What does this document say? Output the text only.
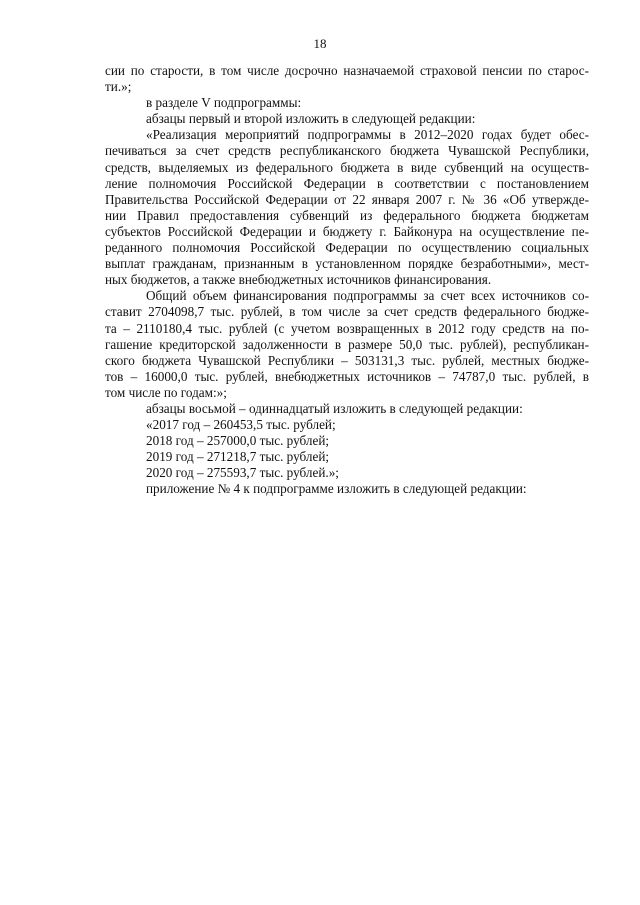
18
сии по старости, в том числе досрочно назначаемой страховой пенсии по старос-
ти.»;
в разделе V подпрограммы:
абзацы первый и второй изложить в следующей редакции:
«Реализация мероприятий подпрограммы в 2012–2020 годах будет обес-
печиваться за счет средств республиканского бюджета Чувашской Республики,
средств, выделяемых из федерального бюджета в виде субвенций на осуществ-
ление полномочия Российской Федерации в соответствии с постановлением
Правительства Российской Федерации от 22 января 2007 г. № 36 «Об утвержде-
нии Правил предоставления субвенций из федерального бюджета бюджетам
субъектов Российской Федерации и бюджету г. Байконура на осуществление пе-
реданного полномочия Российской Федерации по осуществлению социальных
выплат гражданам, признанным в установленном порядке безработными», мест-
ных бюджетов, а также внебюджетных источников финансирования.
Общий объем финансирования подпрограммы за счет всех источников со-
ставит 2704098,7 тыс. рублей, в том числе за счет средств федерального бюдже-
та – 2110180,4 тыс. рублей (с учетом возвращенных в 2012 году средств на по-
гашение кредиторской задолженности в размере 50,0 тыс. рублей), республикан-
ского бюджета Чувашской Республики – 503131,3 тыс. рублей, местных бюдже-
тов – 16000,0 тыс. рублей, внебюджетных источников – 74787,0 тыс. рублей, в
том числе по годам:»;
абзацы восьмой – одиннадцатый изложить в следующей редакции:
«2017 год – 260453,5 тыс. рублей;
2018 год – 257000,0 тыс. рублей;
2019 год – 271218,7 тыс. рублей;
2020 год – 275593,7 тыс. рублей.»;
приложение № 4 к подпрограмме изложить в следующей редакции:
